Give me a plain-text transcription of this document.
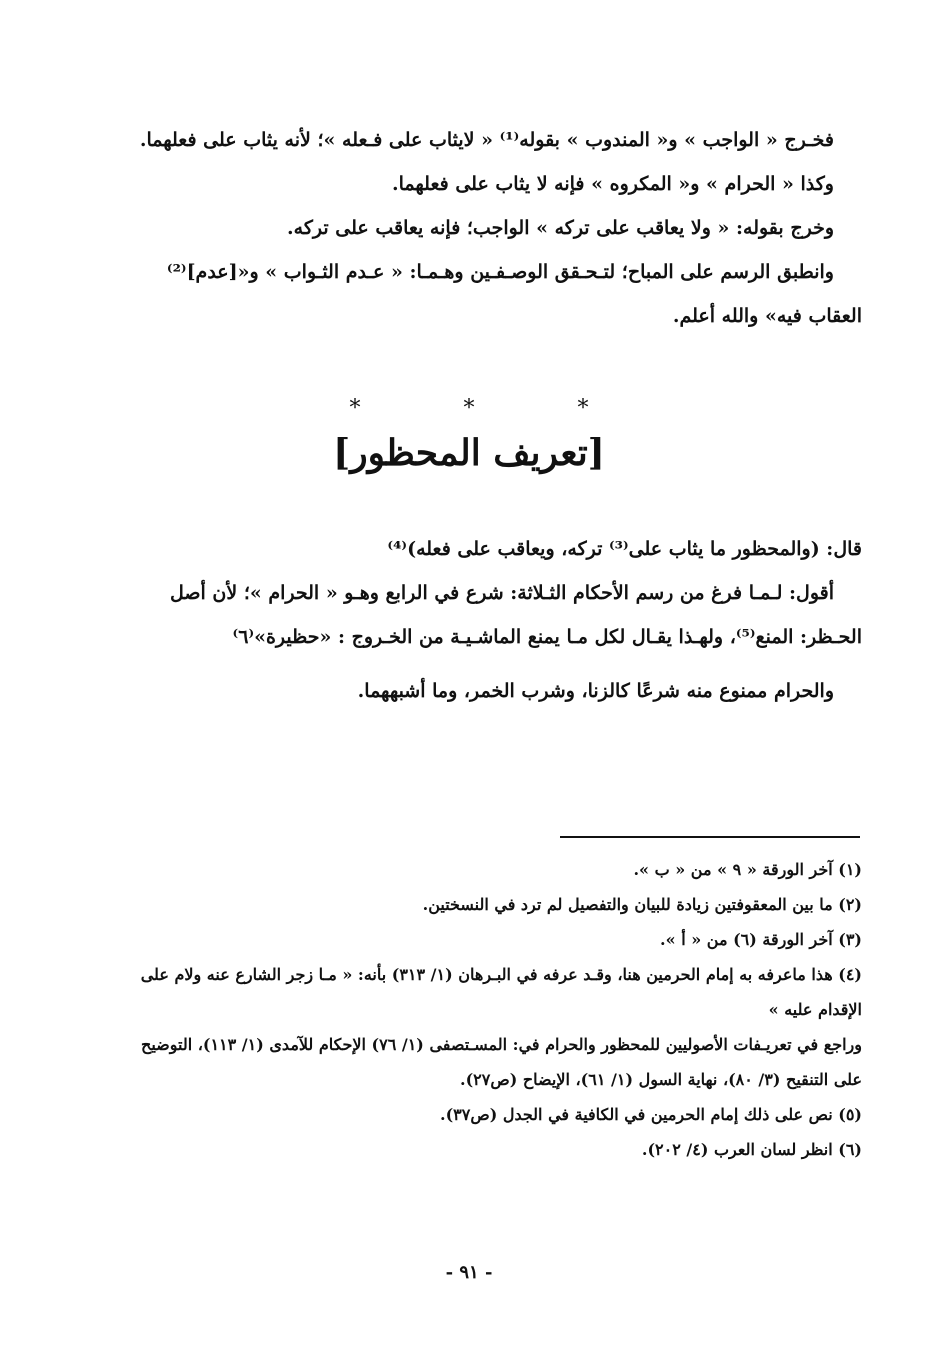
فخـرج « الواجب » و« المندوب » بقوله⁽¹⁾ « لايثاب على فـعله »؛ لأنه يثاب على فعلهما.

وكذا « الحرام » و« المكروه » فإنه لا يثاب على فعلهما.

وخرج بقوله: « ولا يعاقب على تركه » الواجب؛ فإنه يعاقب على تركه.

وانطبق الرسم على المباح؛ لتـحـقق الوصـفـين وهـمـا: « عـدم الثـواب » و«[عدم]⁽²⁾ العقاب فيه» والله أعلم.

*	*	*
[تعريف المحظور]

قال: (والمحظور ما يثاب على⁽³⁾ تركه، ويعاقب على فعله)⁽⁴⁾

أقول: لـمـا فرغ من رسم الأحكام الثـلاثة: شرع في الرابع وهـو « الحرام »؛ لأن أصل الحـظر: المنع⁽⁵⁾، ولهـذا يقـال لكل مـا يمنع الماشـيـة من الخـروج : «حظيرة»⁽٦⁾

والحرام ممنوع منه شرعًا كالزنا، وشرب الخمر، وما أشبههما.

(١) آخر الورقة « ٩ » من « ب ».

(٢) ما بين المعقوفتين زيادة للبيان والتفصيل لم ترد في النسختين.

(٣) آخر الورقة (٦) من « أ ».

(٤) هذا ماعرفه به إمام الحرمين هنا، وقـد عرفه في البـرهان (١/ ٣١٣) بأنه: « مـا زجر الشارع عنه ولام على الإقدام عليه »

وراجع في تعريـفات الأصوليين للمحظور والحرام في: المسـتصفى (١/ ٧٦) الإحكام للآمدى (١/ ١١٣)، التوضيح على التنقيح (٣/ ٨٠)، نهاية السول (١/ ٦١)، الإيضاح (ص٢٧).

(٥) نص على ذلك إمام الحرمين في الكافية في الجدل (ص٣٧).

(٦) انظر لسان العرب (٤/ ٢٠٢).

- ٩١ -
